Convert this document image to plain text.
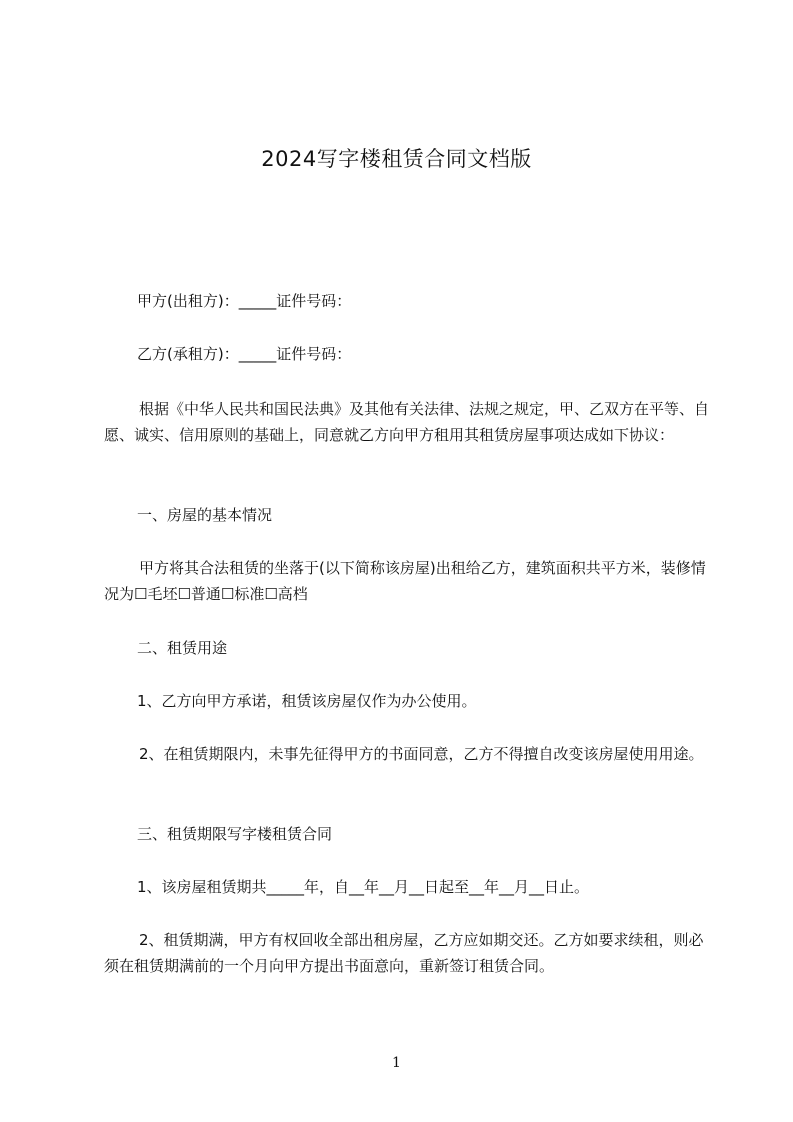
2024写字楼租赁合同文档版

甲方(出租方)：_____证件号码：

乙方(承租方)：_____证件号码：

根据《中华人民共和国民法典》及其他有关法律、法规之规定，甲、乙双方在平等、自愿、诚实、信用原则的基础上，同意就乙方向甲方租用其租赁房屋事项达成如下协议：

一、房屋的基本情况

甲方将其合法租赁的坐落于(以下简称该房屋)出租给乙方，建筑面积共平方米，装修情况为☐毛坯☐普通☐标准☐高档

二、租赁用途

1、乙方向甲方承诺，租赁该房屋仅作为办公使用。

2、在租赁期限内，未事先征得甲方的书面同意，乙方不得擅自改变该房屋使用用途。

三、租赁期限写字楼租赁合同

1、该房屋租赁期共_____年，自__年__月__日起至__年__月__日止。

2、租赁期满，甲方有权回收全部出租房屋，乙方应如期交还。乙方如要求续租，则必须在租赁期满前的一个月向甲方提出书面意向，重新签订租赁合同。

1
